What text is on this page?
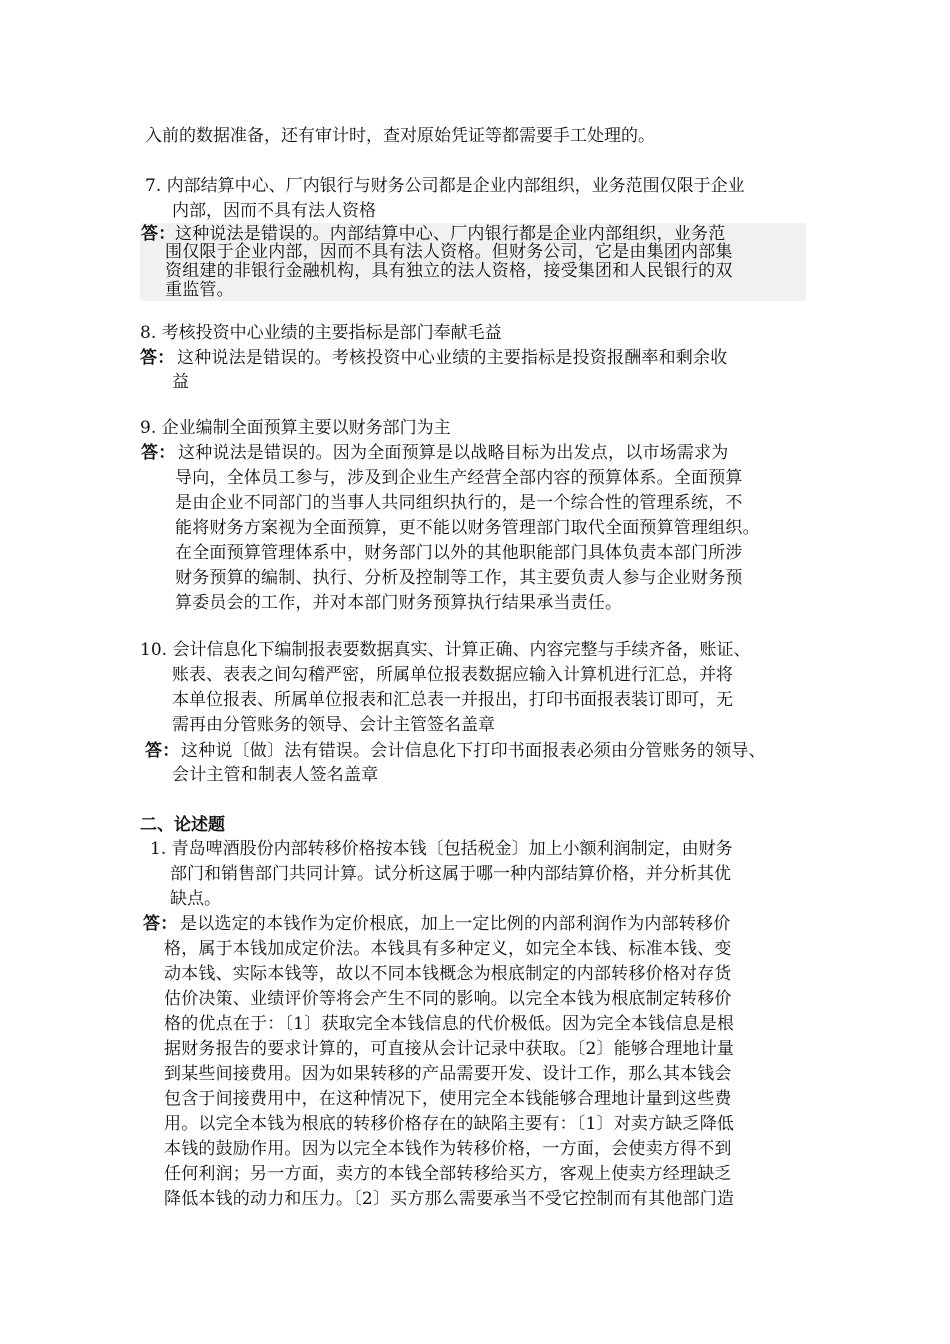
入前的数据准备，还有审计时，查对原始凭证等都需要手工处理的。
7. 内部结算中心、厂内银行与财务公司都是企业内部组织，业务范围仅限于企业
内部，因而不具有法人资格
答： 这种说法是错误的。内部结算中心、厂内银行都是企业内部组织，业务范
围仅限于企业内部，因而不具有法人资格。但财务公司，它是由集团内部集
资组建的非银行金融机构，具有独立的法人资格，接受集团和人民银行的双
重监管。
8. 考核投资中心业绩的主要指标是部门奉献毛益
答： 这种说法是错误的。考核投资中心业绩的主要指标是投资报酬率和剩余收
益
9. 企业编制全面预算主要以财务部门为主
答： 这种说法是错误的。因为全面预算是以战略目标为出发点，以市场需求为
导向，全体员工参与，涉及到企业生产经营全部内容的预算体系。全面预算
是由企业不同部门的当事人共同组织执行的，是一个综合性的管理系统，不
能将财务方案视为全面预算，更不能以财务管理部门取代全面预算管理组织。
在全面预算管理体系中，财务部门以外的其他职能部门具体负责本部门所涉
财务预算的编制、执行、分析及控制等工作，其主要负责人参与企业财务预
算委员会的工作，并对本部门财务预算执行结果承当责任。
10. 会计信息化下编制报表要数据真实、计算正确、内容完整与手续齐备，账证、
账表、表表之间勾稽严密，所属单位报表数据应输入计算机进行汇总，并将
本单位报表、所属单位报表和汇总表一并报出，打印书面报表装订即可，无
需再由分管账务的领导、会计主管签名盖章
答： 这种说〔做〕法有错误。会计信息化下打印书面报表必须由分管账务的领导、
会计主管和制表人签名盖章
二、论述题
1. 青岛啤酒股份内部转移价格按本钱〔包括税金〕加上小额利润制定，由财务
部门和销售部门共同计算。试分析这属于哪一种内部结算价格，并分析其优
缺点。
答： 是以选定的本钱作为定价根底，加上一定比例的内部利润作为内部转移价
格，属于本钱加成定价法。本钱具有多种定义，如完全本钱、标准本钱、变
动本钱、实际本钱等，故以不同本钱概念为根底制定的内部转移价格对存货
估价决策、业绩评价等将会产生不同的影响。以完全本钱为根底制定转移价
格的优点在于：〔1〕获取完全本钱信息的代价极低。因为完全本钱信息是根
据财务报告的要求计算的，可直接从会计记录中获取。〔2〕能够合理地计量
到某些间接费用。因为如果转移的产品需要开发、设计工作，那么其本钱会
包含于间接费用中，在这种情况下，使用完全本钱能够合理地计量到这些费
用。以完全本钱为根底的转移价格存在的缺陷主要有：〔1〕对卖方缺乏降低
本钱的鼓励作用。因为以完全本钱作为转移价格，一方面，会使卖方得不到
任何利润；另一方面，卖方的本钱全部转移给买方，客观上使卖方经理缺乏
降低本钱的动力和压力。〔2〕买方那么需要承当不受它控制而有其他部门造
